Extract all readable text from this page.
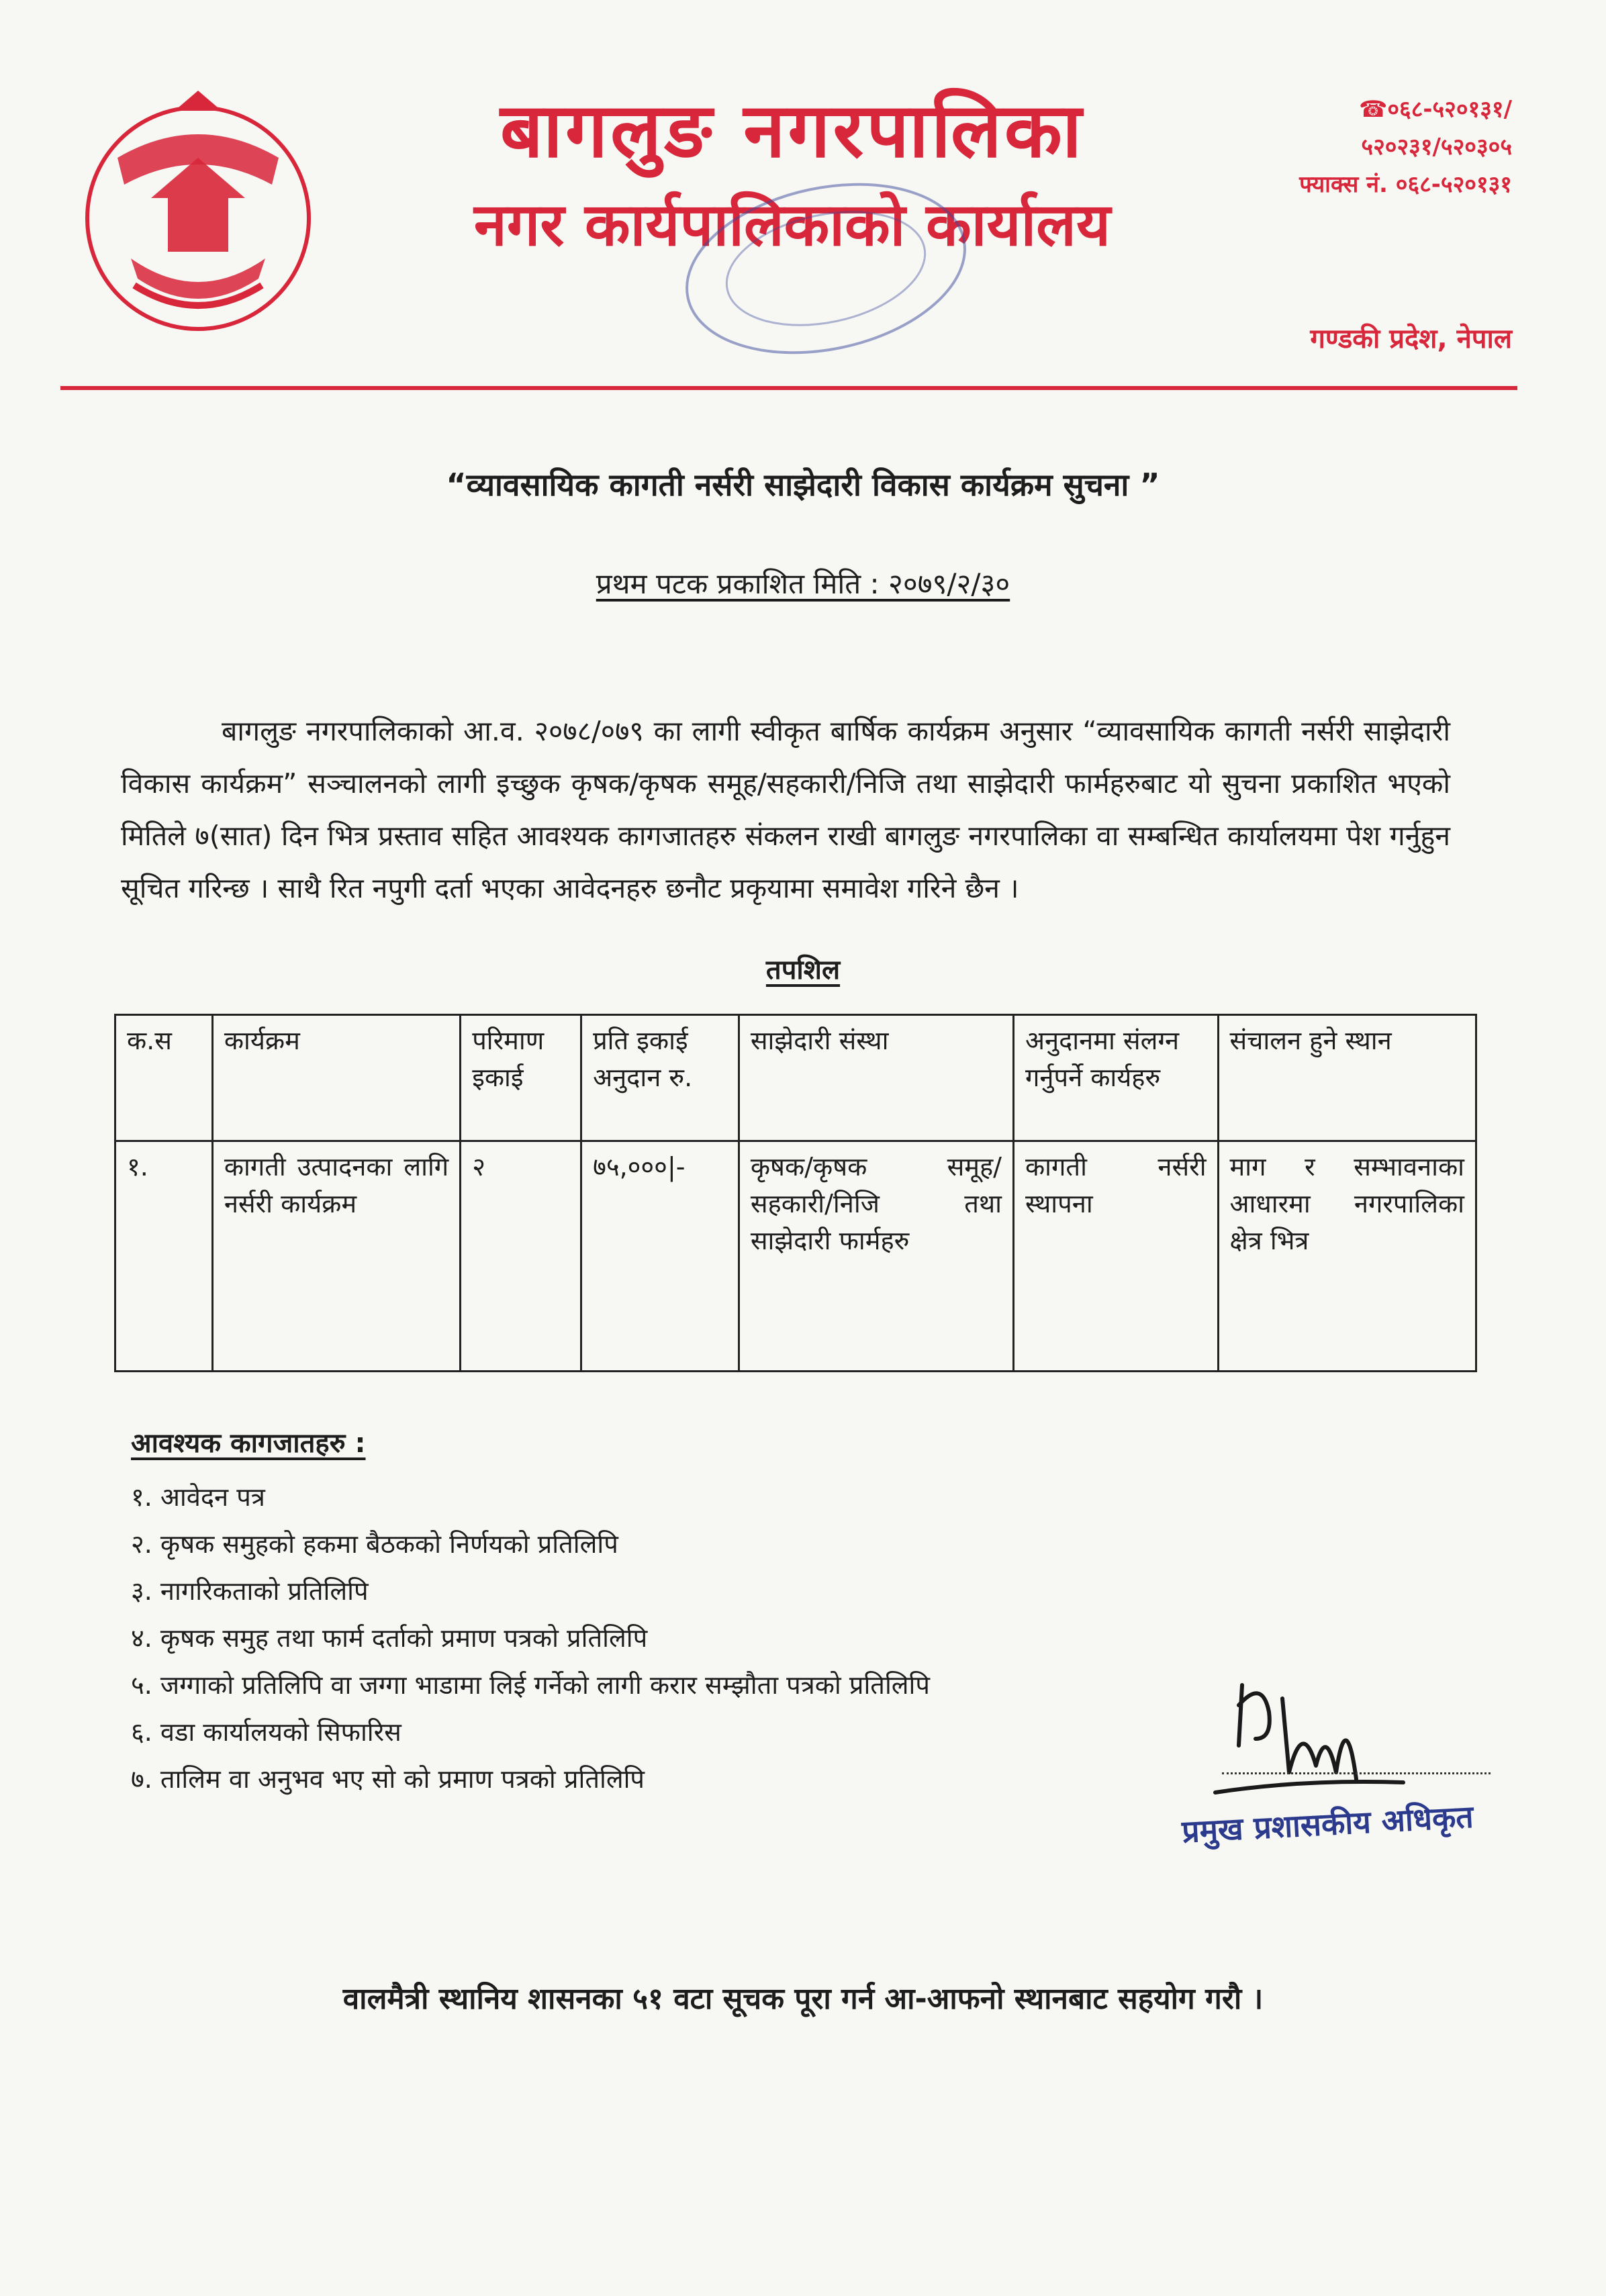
बागलुङ नगरपालिका
नगर कार्यपालिकाको कार्यालय
☎०६८-५२०१३१/
५२०२३१/५२०३०५
फ्याक्स नं. ०६८-५२०१३१
गण्डकी प्रदेश, नेपाल
“व्यावसायिक कागती नर्सरी साझेदारी विकास कार्यक्रम सुचना ”
प्रथम पटक प्रकाशित मिति : २०७९/२/३०
बागलुङ नगरपालिकाको आ.व. २०७८/०७९ का लागी स्वीकृत बार्षिक कार्यक्रम अनुसार “व्यावसायिक कागती नर्सरी साझेदारी विकास कार्यक्रम” सञ्चालनको लागी इच्छुक कृषक/कृषक समूह/सहकारी/निजि तथा साझेदारी फार्महरुबाट यो सुचना प्रकाशित भएको मितिले ७(सात) दिन भित्र प्रस्ताव सहित आवश्यक कागजातहरु संकलन राखी बागलुङ नगरपालिका वा सम्बन्धित कार्यालयमा पेश गर्नुहुन सूचित गरिन्छ । साथै रित नपुगी दर्ता भएका आवेदनहरु छनौट प्रकृयामा समावेश गरिने छैन ।
तपशिल
क.स	कार्यक्रम	परिमाण इकाई	प्रति इकाई अनुदान रु.	साझेदारी संस्था	अनुदानमा संलग्न गर्नुपर्ने कार्यहरु	संचालन हुने स्थान
१.	कागती उत्पादनका लागि नर्सरी कार्यक्रम	२	७५,०००|-	कृषक/कृषक समूह/सहकारी/निजि तथा साझेदारी फार्महरु	कागती नर्सरी स्थापना	माग र सम्भावनाका आधारमा नगरपालिका क्षेत्र भित्र
आवश्यक कागजातहरु :
१. आवेदन पत्र
२. कृषक समुहको हकमा बैठकको निर्णयको प्रतिलिपि
३. नागरिकताको प्रतिलिपि
४. कृषक समुह तथा फार्म दर्ताको प्रमाण पत्रको प्रतिलिपि
५. जग्गाको प्रतिलिपि वा जग्गा भाडामा लिई गर्नेको लागी करार सम्झौता पत्रको प्रतिलिपि
६. वडा कार्यालयको सिफारिस
७. तालिम वा अनुभव भए सो को प्रमाण पत्रको प्रतिलिपि
प्रमुख प्रशासकीय अधिकृत
वालमैत्री स्थानिय शासनका ५१ वटा सूचक पूरा गर्न आ-आफनो स्थानबाट सहयोग गरौ ।
